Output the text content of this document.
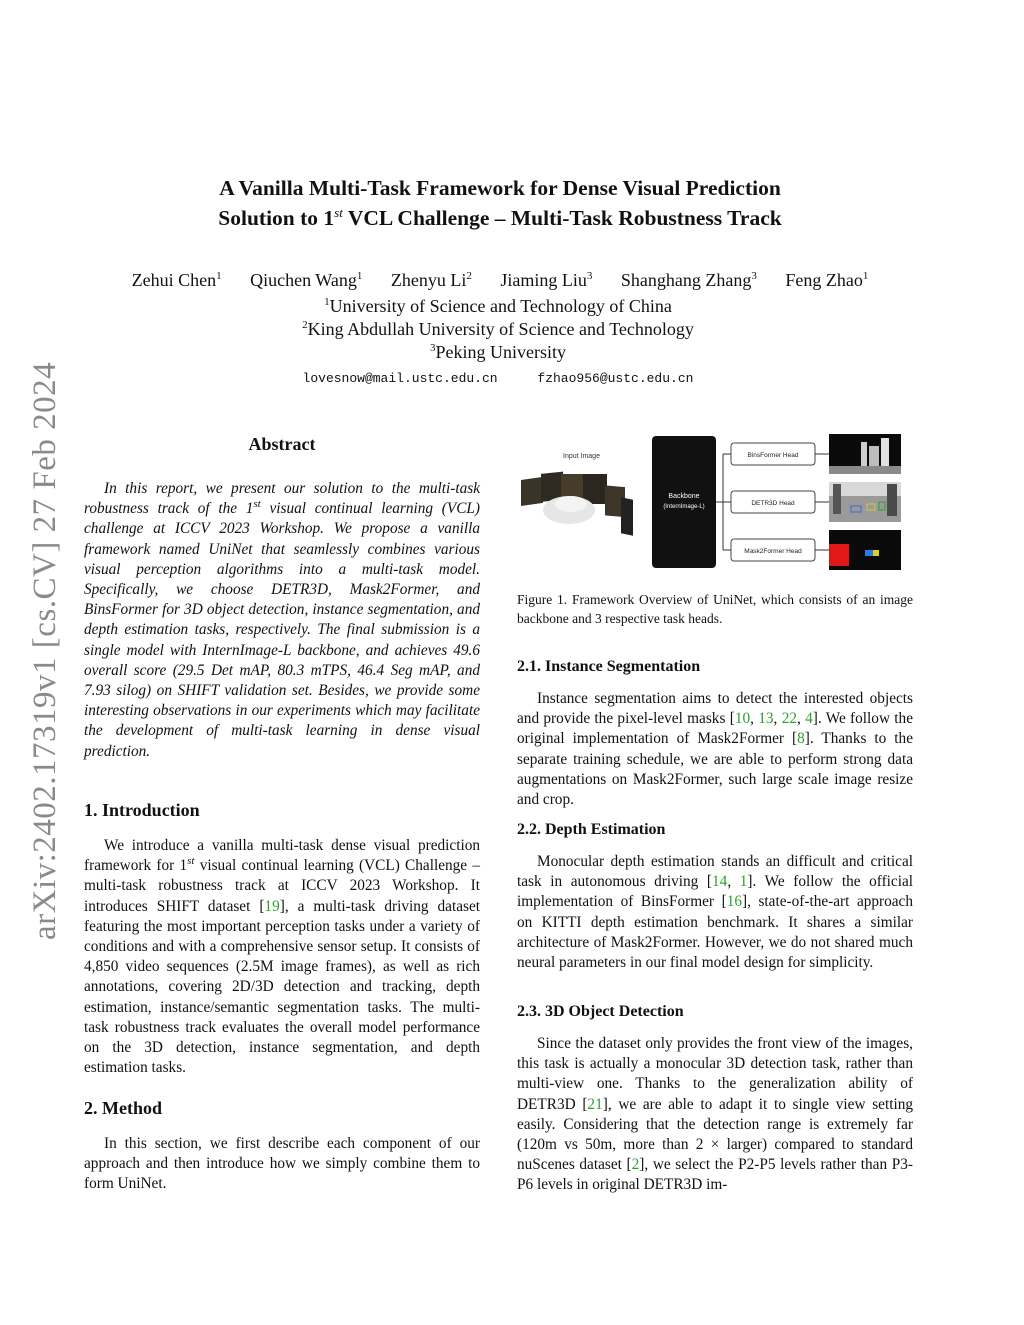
arXiv:2402.17319v1 [cs.CV] 27 Feb 2024
A Vanilla Multi-Task Framework for Dense Visual Prediction
Solution to 1st VCL Challenge – Multi-Task Robustness Track
Zehui Chen$^1$ Qiuchen Wang$^1$ Zhenyu Li$^2$ Jiaming Liu$^3$ Shanghang Zhang$^3$ Feng Zhao$^1$
$^1$University of Science and Technology of China
$^2$King Abdullah University of Science and Technology
$^3$Peking University
lovesnow@mail.ustc.edu.cn	fzhao956@ustc.edu.cn
Abstract

In this report, we present our solution to the multi-task robustness track of the 1st visual continual learning (VCL) challenge at ICCV 2023 Workshop. We propose a vanilla framework named UniNet that seamlessly combines various visual perception algorithms into a multi-task model. Specifically, we choose DETR3D, Mask2Former, and BinsFormer for 3D object detection, instance segmentation, and depth estimation tasks, respectively. The final submission is a single model with InternImage-L backbone, and achieves 49.6 overall score (29.5 Det mAP, 80.3 mTPS, 46.4 Seg mAP, and 7.93 silog) on SHIFT validation set. Besides, we provide some interesting observations in our experiments which may facilitate the development of multi-task learning in dense visual prediction.

1. Introduction

We introduce a vanilla multi-task dense visual prediction framework for 1st visual continual learning (VCL) Challenge – multi-task robustness track at ICCV 2023 Workshop. It introduces SHIFT dataset [19], a multi-task driving dataset featuring the most important perception tasks under a variety of conditions and with a comprehensive sensor setup. It consists of 4,850 video sequences (2.5M image frames), as well as rich annotations, covering 2D/3D detection and tracking, depth estimation, instance/semantic segmentation tasks. The multi-task robustness track evaluates the overall model performance on the 3D detection, instance segmentation, and depth estimation tasks.

2. Method

In this section, we first describe each component of our approach and then introduce how we simply combine them to form UniNet.

Input Image
Backbone
(InternImage-L)
BinsFormer Head
DETR3D Head
Mask2Former Head
Figure 1. Framework Overview of UniNet, which consists of an image backbone and 3 respective task heads.
2.1. Instance Segmentation

Instance segmentation aims to detect the interested objects and provide the pixel-level masks [10, 13, 22, 4]. We follow the original implementation of Mask2Former [8]. Thanks to the separate training schedule, we are able to perform strong data augmentations on Mask2Former, such large scale image resize and crop.

2.2. Depth Estimation

Monocular depth estimation stands an difficult and critical task in autonomous driving [14, 1]. We follow the official implementation of BinsFormer [16], state-of-the-art approach on KITTI depth estimation benchmark. It shares a similar architecture of Mask2Former. However, we do not shared much neural parameters in our final model design for simplicity.

2.3. 3D Object Detection

Since the dataset only provides the front view of the images, this task is actually a monocular 3D detection task, rather than multi-view one. Thanks to the generalization ability of DETR3D [21], we are able to adapt it to single view setting easily. Considering that the detection range is extremely far (120m vs 50m, more than 2 × larger) compared to standard nuScenes dataset [2], we select the P2-P5 levels rather than P3-P6 levels in original DETR3D im-
